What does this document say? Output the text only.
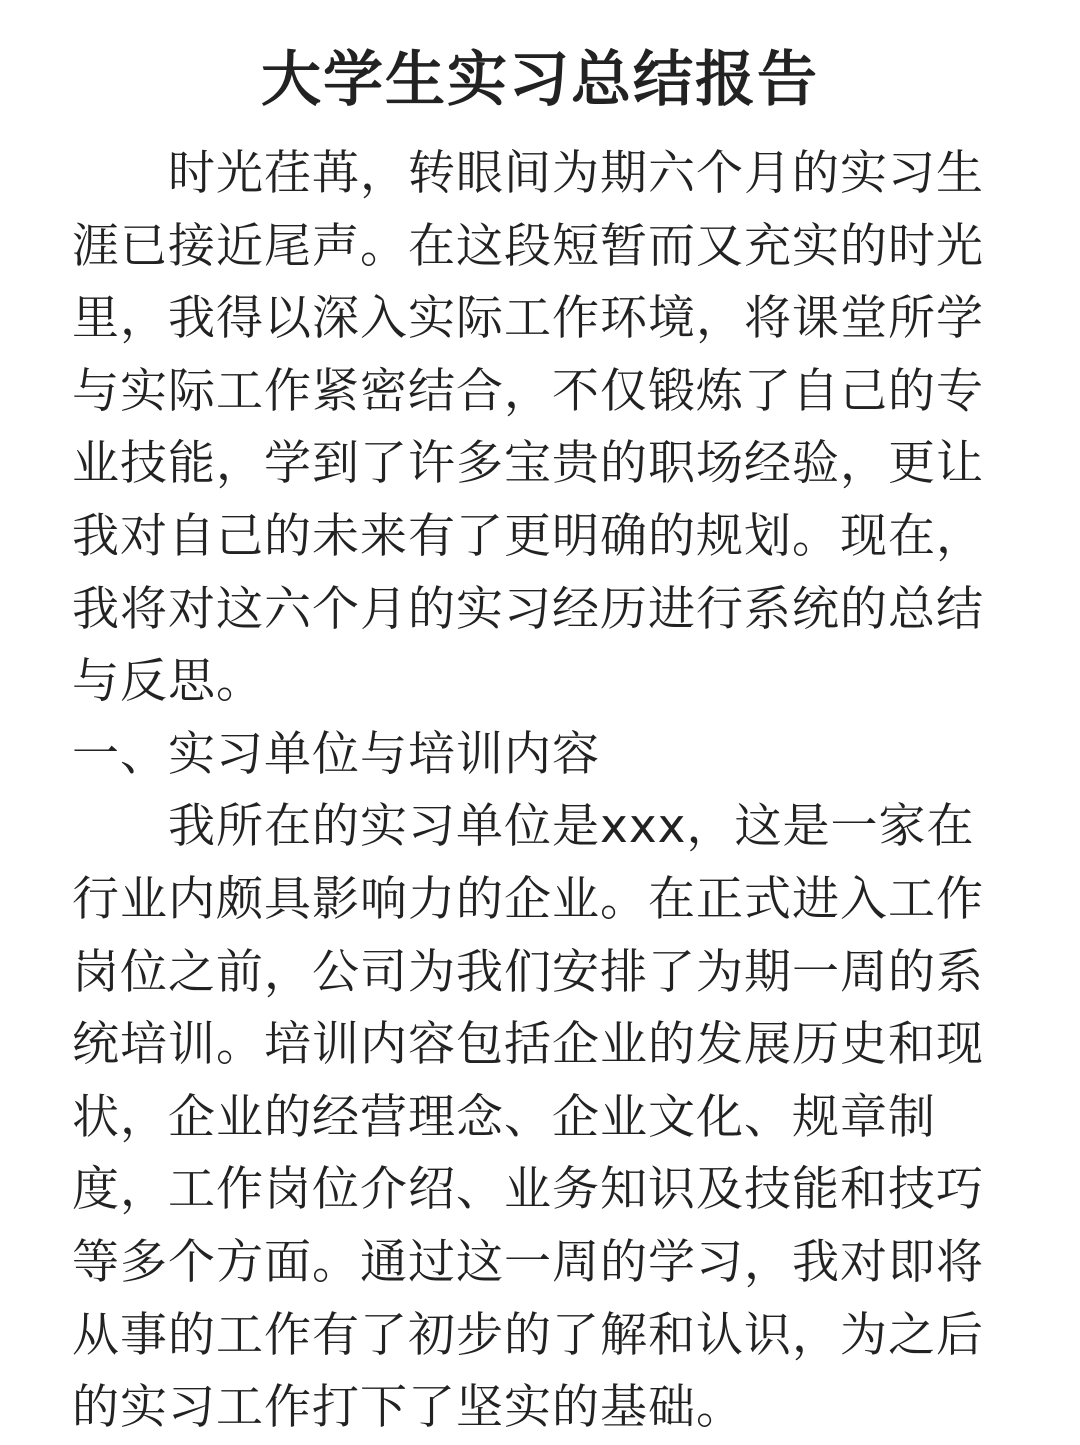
大学生实习总结报告

时光荏苒，转眼间为期六个月的实习生涯已接近尾声。在这段短暂而又充实的时光里，我得以深入实际工作环境，将课堂所学与实际工作紧密结合，不仅锻炼了自己的专业技能，学到了许多宝贵的职场经验，更让我对自己的未来有了更明确的规划。现在，我将对这六个月的实习经历进行系统的总结与反思。

一、实习单位与培训内容

我所在的实习单位是xxx，这是一家在行业内颇具影响力的企业。在正式进入工作岗位之前，公司为我们安排了为期一周的系统培训。培训内容包括企业的发展历史和现状，企业的经营理念、企业文化、规章制度，工作岗位介绍、业务知识及技能和技巧等多个方面。通过这一周的学习，我对即将从事的工作有了初步的了解和认识，为之后的实习工作打下了坚实的基础。
